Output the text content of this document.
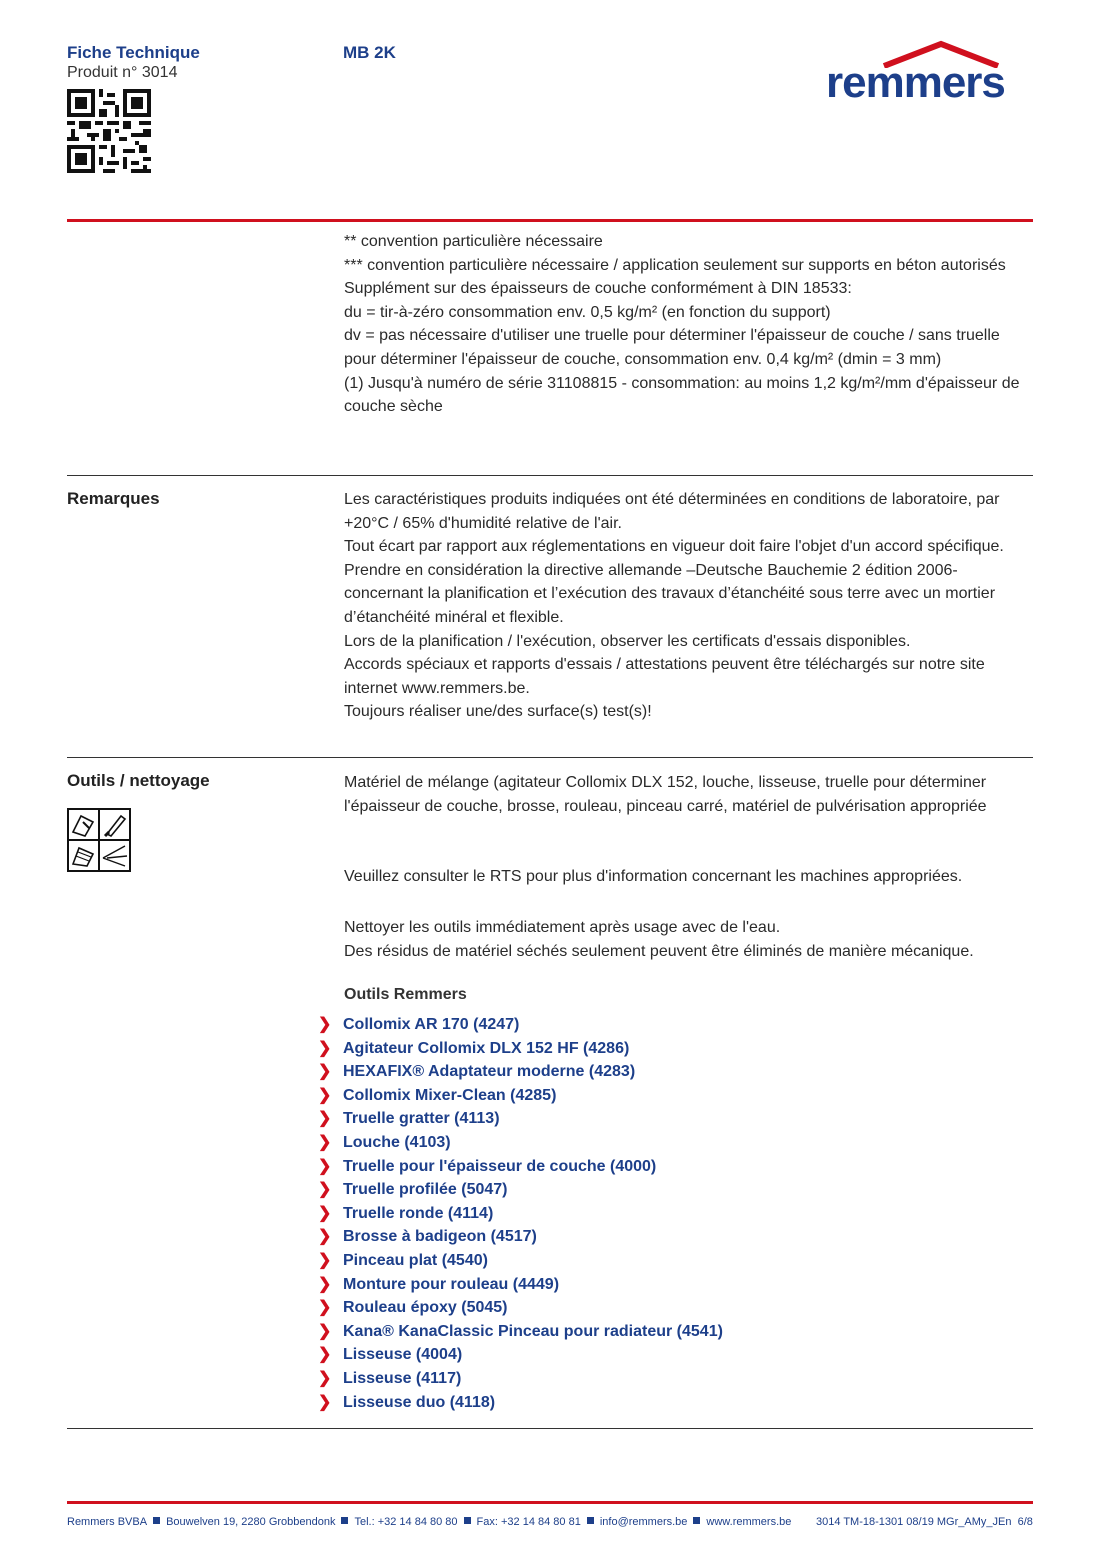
Fiche Technique
Produit n° 3014
MB 2K
remmers

** convention particulière nécessaire

*** convention particulière nécessaire / application seulement sur supports en béton autorisés

Supplément sur des épaisseurs de couche conformément à DIN 18533:

du = tir-à-zéro consommation env. 0,5 kg/m² (en fonction du support)

dv = pas nécessaire d'utiliser une truelle pour déterminer l'épaisseur de couche / sans truelle pour déterminer l'épaisseur de couche, consommation env. 0,4 kg/m² (dmin = 3 mm)

(1) Jusqu'à numéro de série 31108815 - consommation: au moins 1,2 kg/m²/mm d'épaisseur de couche sèche

Remarques	Les caractéristiques produits indiquées ont été déterminées en conditions de laboratoire, par +20°C / 65% d'humidité relative de l'air.

Tout écart par rapport aux réglementations en vigueur doit faire l'objet d'un accord spécifique.

Prendre en considération la directive allemande –Deutsche Bauchemie 2 édition 2006- concernant la planification et l’exécution des travaux d’étanchéité sous terre avec un mortier d’étanchéité minéral et flexible.

Lors de la planification / l'exécution, observer les certificats d'essais disponibles.

Accords spéciaux et rapports d'essais / attestations peuvent être téléchargés sur notre site internet www.remmers.be.

Toujours réaliser une/des surface(s) test(s)!

Outils / nettoyage	Matériel de mélange (agitateur Collomix DLX 152, louche, lisseuse, truelle pour déterminer l'épaisseur de couche, brosse, rouleau, pinceau carré, matériel de pulvérisation appropriée
Veuillez consulter le RTS pour plus d'information concernant les machines appropriées.

Nettoyer les outils immédiatement après usage avec de l'eau.

Des résidus de matériel séchés seulement peuvent être éliminés de manière mécanique.

Outils Remmers
❯ Collomix AR 170 (4247)
❯ Agitateur Collomix DLX 152 HF (4286)
❯ HEXAFIX® Adaptateur moderne (4283)
❯ Collomix Mixer-Clean (4285)
❯ Truelle gratter (4113)
❯ Louche (4103)
❯ Truelle pour l'épaisseur de couche (4000)
❯ Truelle profilée (5047)
❯ Truelle ronde (4114)
❯ Brosse à badigeon (4517)
❯ Pinceau plat (4540)
❯ Monture pour rouleau (4449)
❯ Rouleau époxy (5045)
❯ Kana® KanaClassic Pinceau pour radiateur (4541)
❯ Lisseuse (4004)
❯ Lisseuse (4117)
❯ Lisseuse duo (4118)
Remmers BVBA Bouwelven 19, 2280 Grobbendonk Tel.: +32 14 84 80 80 Fax: +32 14 84 80 81 info@remmers.be www.remmers.be	3014 TM-18-1301 08/19 MGr_AMy_JEn 6/8
